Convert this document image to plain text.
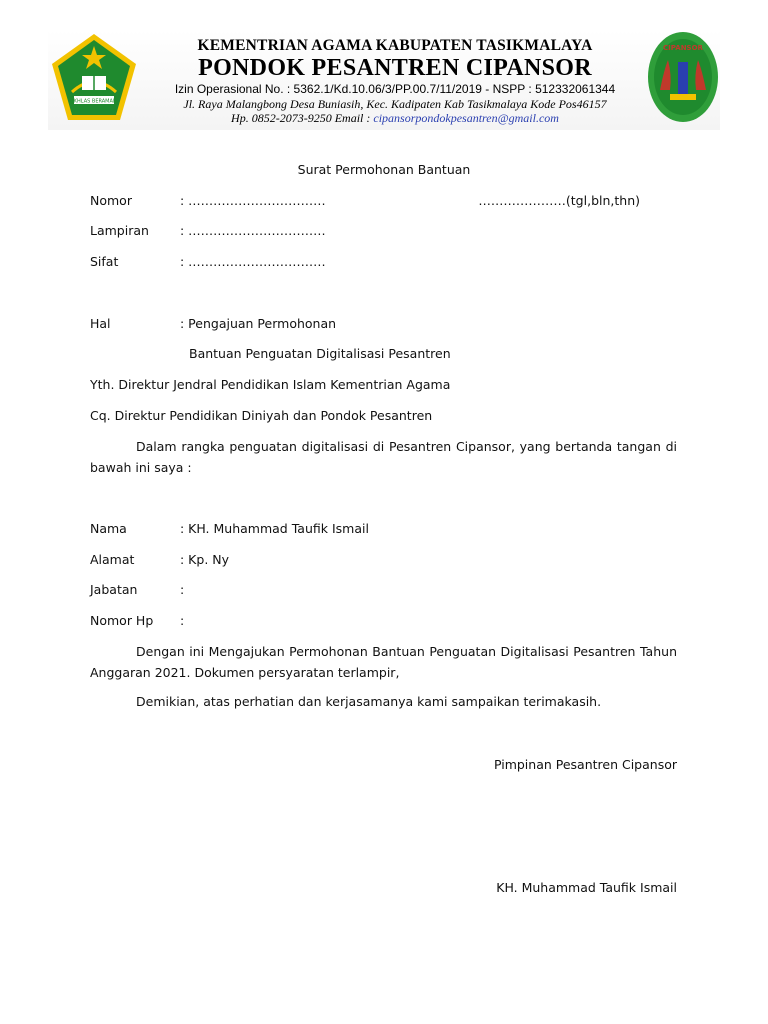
IKHLAS BERAMAL
CIPANSOR
KEMENTRIAN AGAMA KABUPATEN TASIKMALAYA
PONDOK PESANTREN CIPANSOR
Izin Operasional No. : 5362.1/Kd.10.06/3/PP.00.7/11/2019 - NSPP : 512332061344
Jl. Raya Malangbong Desa Buniasih, Kec. Kadipaten Kab Tasikmalaya Kode Pos46157
Hp. 0852-2073-9250 Email : cipansorpondokpesantren@gmail.com
Surat Permohonan Bantuan
Nomor	: ……………………………	…………………(tgl,bln,thn)
Lampiran : ……………………………
Sifat	: ……………………………
Hal	: Pengajuan Permohonan
Bantuan Penguatan Digitalisasi Pesantren
Yth. Direktur Jendral Pendidikan Islam Kementrian Agama
Cq. Direktur Pendidikan Diniyah dan Pondok Pesantren
Dalam rangka penguatan digitalisasi di Pesantren Cipansor, yang bertanda tangan di
bawah ini saya :
Nama	: KH. Muhammad Taufik Ismail
Alamat	: Kp. Ny
Jabatan	:
Nomor Hp :
Dengan ini Mengajukan Permohonan Bantuan Penguatan Digitalisasi Pesantren Tahun
Anggaran 2021. Dokumen persyaratan terlampir,
Demikian, atas perhatian dan kerjasamanya kami sampaikan terimakasih.
Pimpinan Pesantren Cipansor
KH. Muhammad Taufik Ismail
